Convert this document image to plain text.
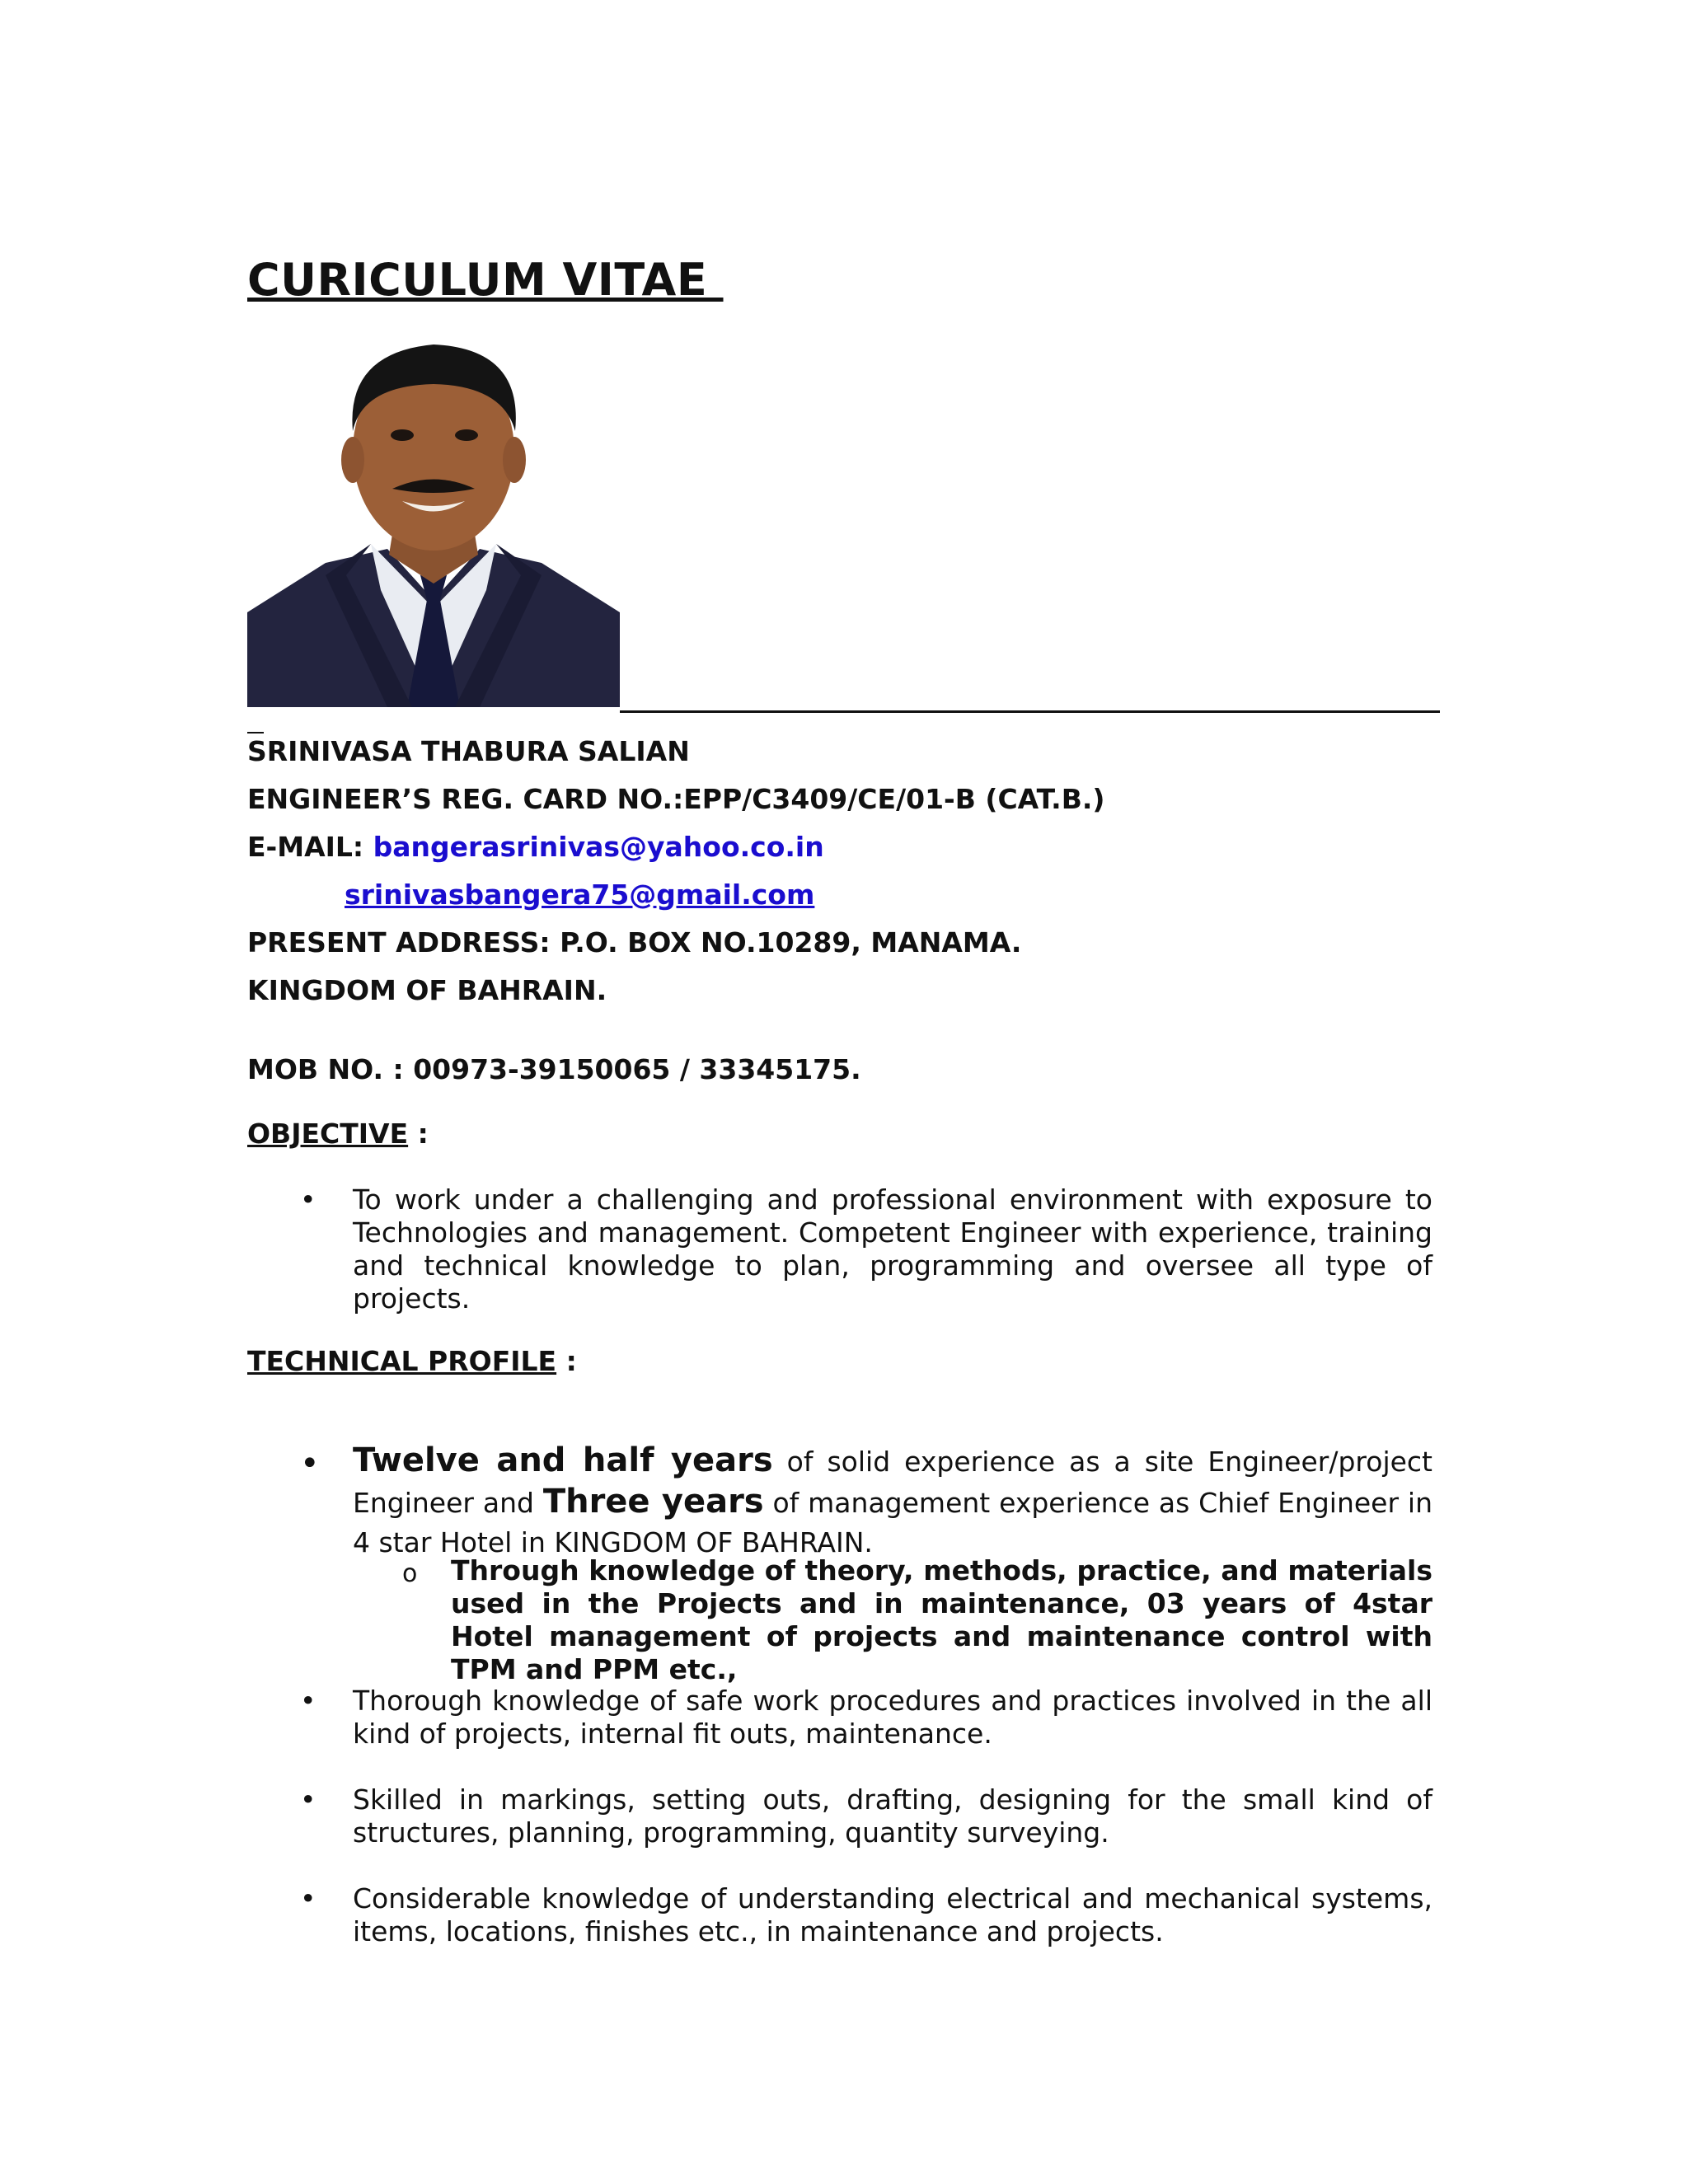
CURICULUM VITAE
SRINIVASA THABURA SALIAN
ENGINEER’S REG. CARD NO.:EPP/C3409/CE/01-B (CAT.B.)
E-MAIL: bangerasrinivas@yahoo.co.in
srinivasbangera75@gmail.com
PRESENT ADDRESS: P.O. BOX NO.10289, MANAMA.
KINGDOM OF BAHRAIN.
MOB NO. : 00973-39150065 / 33345175.
OBJECTIVE :
• To work under a challenging and professional environment with exposure to Technologies and management. Competent Engineer with experience, training and technical knowledge to plan, programming and oversee all type of projects.
TECHNICAL PROFILE :
• Twelve and half years of solid experience as a site Engineer/project Engineer and Three years of management experience as Chief Engineer in 4 star Hotel in KINGDOM OF BAHRAIN.
o Through knowledge of theory, methods, practice, and materials used in the Projects and in maintenance, 03 years of 4star Hotel management of projects and maintenance control with TPM and PPM etc.,
• Thorough knowledge of safe work procedures and practices involved in the all kind of projects, internal fit outs, maintenance.
• Skilled in markings, setting outs, drafting, designing for the small kind of structures, planning, programming, quantity surveying.
• Considerable knowledge of understanding electrical and mechanical systems, items, locations, finishes etc., in maintenance and projects.
